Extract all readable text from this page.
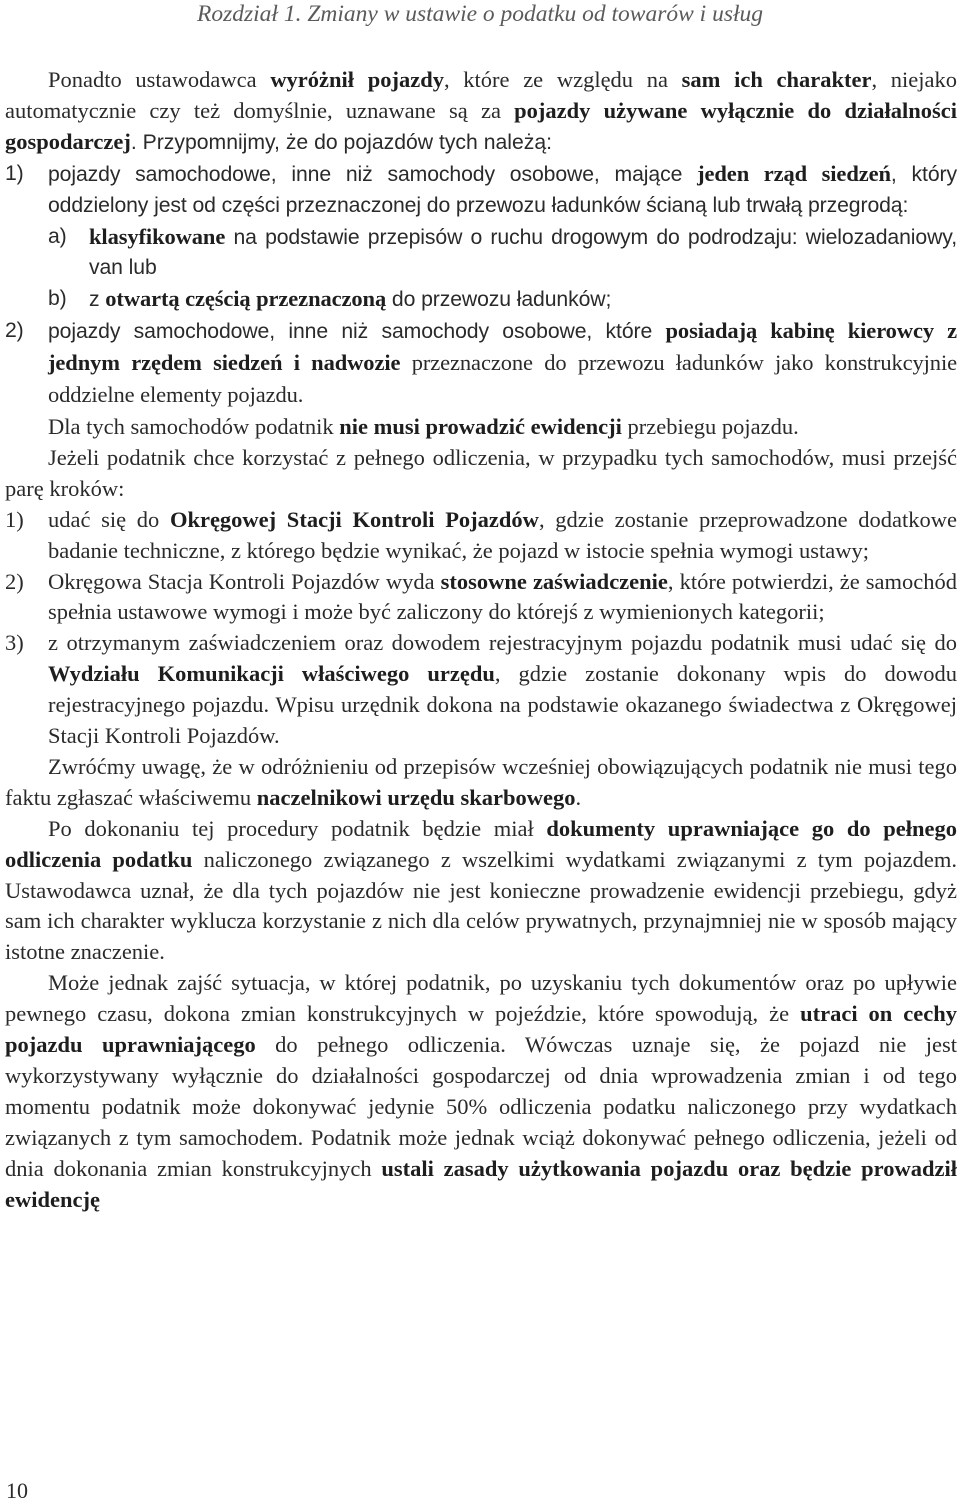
Rozdział 1. Zmiany w ustawie o podatku od towarów i usług

Ponadto ustawodawca wyróżnił pojazdy, które ze względu na sam ich charakter, niejako automatycznie czy też domyślnie, uznawane są za pojazdy używane wyłącznie do działalności gospodarczej. Przypomnijmy, że do pojazdów tych należą:

1) pojazdy samochodowe, inne niż samochody osobowe, mające jeden rząd siedzeń, który oddzielony jest od części przeznaczonej do przewozu ładunków ścianą lub trwałą przegrodą:
a) klasyfikowane na podstawie przepisów o ruchu drogowym do podrodzaju: wielozadaniowy, van lub
b) z otwartą częścią przeznaczoną do przewozu ładunków;
2) pojazdy samochodowe, inne niż samochody osobowe, które posiadają kabinę kierowcy z jednym rzędem siedzeń i nadwozie przeznaczone do przewozu ładunków jako konstrukcyjnie oddzielne elementy pojazdu.

Dla tych samochodów podatnik nie musi prowadzić ewidencji przebiegu pojazdu.

Jeżeli podatnik chce korzystać z pełnego odliczenia, w przypadku tych samochodów, musi przejść parę kroków:

1) udać się do Okręgowej Stacji Kontroli Pojazdów, gdzie zostanie przeprowadzone dodatkowe badanie techniczne, z którego będzie wynikać, że pojazd w istocie spełnia wymogi ustawy;
2) Okręgowa Stacja Kontroli Pojazdów wyda stosowne zaświadczenie, które potwierdzi, że samochód spełnia ustawowe wymogi i może być zaliczony do którejś z wymienionych kategorii;
3) z otrzymanym zaświadczeniem oraz dowodem rejestracyjnym pojazdu podatnik musi udać się do Wydziału Komunikacji właściwego urzędu, gdzie zostanie dokonany wpis do dowodu rejestracyjnego pojazdu. Wpisu urzędnik dokona na podstawie okazanego świadectwa z Okręgowej Stacji Kontroli Pojazdów.

Zwróćmy uwagę, że w odróżnieniu od przepisów wcześniej obowiązujących podatnik nie musi tego faktu zgłaszać właściwemu naczelnikowi urzędu skarbowego.

Po dokonaniu tej procedury podatnik będzie miał dokumenty uprawniające go do pełnego odliczenia podatku naliczonego związanego z wszelkimi wydatkami związanymi z tym pojazdem. Ustawodawca uznał, że dla tych pojazdów nie jest konieczne prowadzenie ewidencji przebiegu, gdyż sam ich charakter wyklucza korzystanie z nich dla celów prywatnych, przynajmniej nie w sposób mający istotne znaczenie.

Może jednak zajść sytuacja, w której podatnik, po uzyskaniu tych dokumentów oraz po upływie pewnego czasu, dokona zmian konstrukcyjnych w pojeździe, które spowodują, że utraci on cechy pojazdu uprawniającego do pełnego odliczenia. Wówczas uznaje się, że pojazd nie jest wykorzystywany wyłącznie do działalności gospodarczej od dnia wprowadzenia zmian i od tego momentu podatnik może dokonywać jedynie 50% odliczenia podatku naliczonego przy wydatkach związanych z tym samochodem. Podatnik może jednak wciąż dokonywać pełnego odliczenia, jeżeli od dnia dokonania zmian konstrukcyjnych ustali zasady użytkowania pojazdu oraz będzie prowadził ewidencję

10
